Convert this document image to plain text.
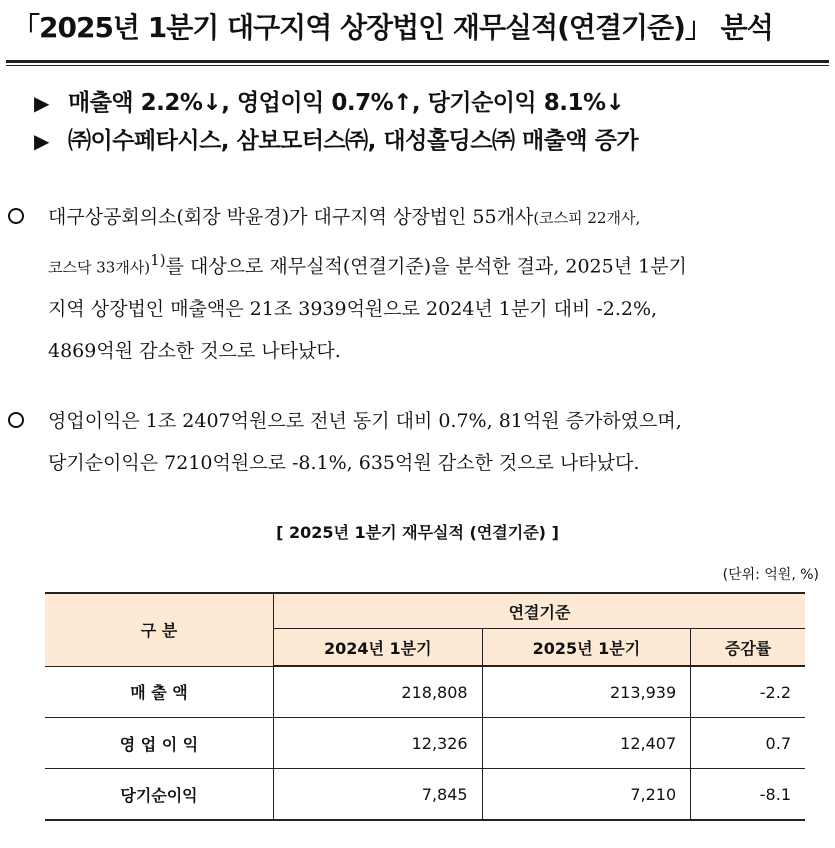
「2025년 1분기 대구지역 상장법인 재무실적(연결기준)」 분석
▶ 매출액 2.2%↓, 영업이익 0.7%↑, 당기순이익 8.1%↓
▶ ㈜이수페타시스, 삼보모터스㈜, 대성홀딩스㈜ 매출액 증가
대구상공회의소(회장 박윤경)가 대구지역 상장법인 55개사(코스피 22개사,
코스닥 33개사)$^{1)}$를 대상으로 재무실적(연결기준)을 분석한 결과, 2025년 1분기
지역 상장법인 매출액은 21조 3939억원으로 2024년 1분기 대비 -2.2%,
4869억원 감소한 것으로 나타났다.
영업이익은 1조 2407억원으로 전년 동기 대비 0.7%, 81억원 증가하였으며,
당기순이익은 7210억원으로 -8.1%, 635억원 감소한 것으로 나타났다.
[ 2025년 1분기 재무실적 (연결기준) ]
(단위: 억원, %)
구 분	연결기준		
	2024년 1분기	2025년 1분기	증감률
매 출 액	218,808	213,939	-2.2
영 업 이 익	12,326	12,407	0.7
당기순이익	7,845	7,210	-8.1
